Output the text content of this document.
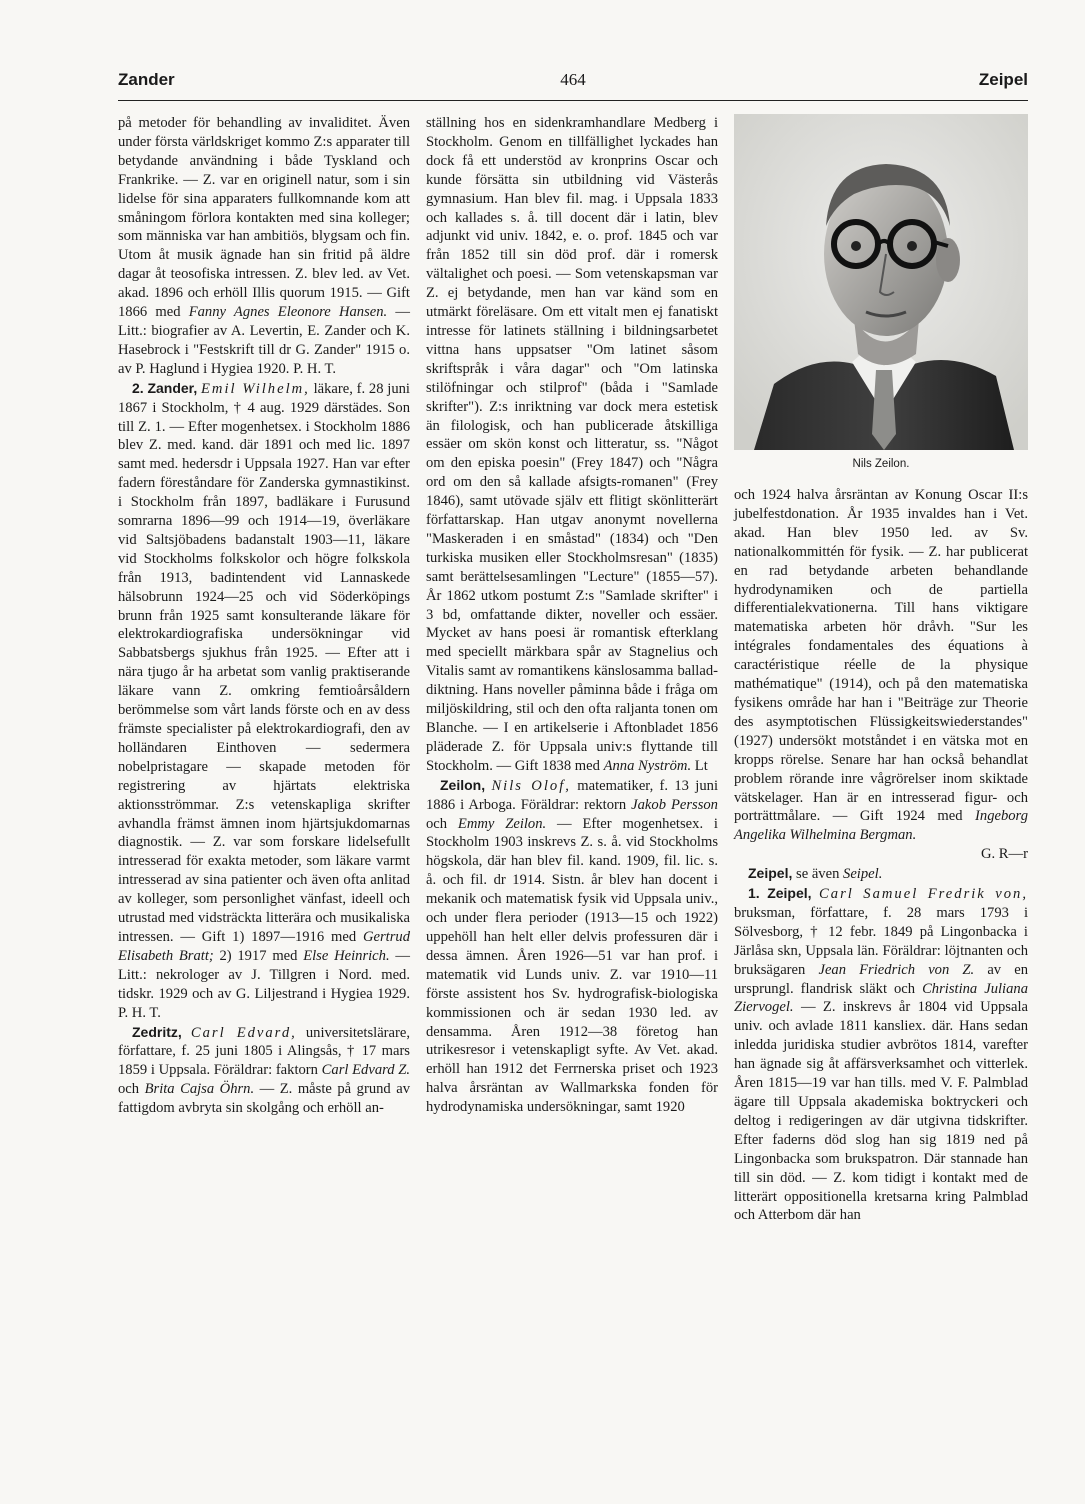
Zander	464	Zeipel

på metoder för behandling av invaliditet. Även under första världskriget kommo Z:s apparater till betydande användning i både Tyskland och Frankrike. — Z. var en originell natur, som i sin lidelse för sina apparaters fullkomnande kom att småningom förlora kontakten med sina kolleger; som människa var han ambitiös, blygsam och fin. Utom åt musik ägnade han sin fritid på äldre dagar åt teosofiska intressen. Z. blev led. av Vet. akad. 1896 och erhöll Illis quorum 1915. — Gift 1866 med Fanny Agnes Eleonore Hansen. — Litt.: biografier av A. Levertin, E. Zander och K. Hasebrock i "Festskrift till dr G. Zander" 1915 o. av P. Haglund i Hygiea 1920. P. H. T.

2. Zander, Emil Wilhelm, läkare, f. 28 juni 1867 i Stockholm, † 4 aug. 1929 därstädes. Son till Z. 1. — Efter mogenhetsex. i Stockholm 1886 blev Z. med. kand. där 1891 och med lic. 1897 samt med. hedersdr i Uppsala 1927. Han var efter fadern föreståndare för Zanderska gymnastikinst. i Stockholm från 1897, badläkare i Furusund somrarna 1896—99 och 1914—19, överläkare vid Saltsjöbadens badanstalt 1903—11, läkare vid Stockholms folkskolor och högre folkskola från 1913, badintendent vid Lannaskede hälsobrunn 1924—25 och vid Söderköpings brunn från 1925 samt konsulterande läkare för elektrokardiografiska undersökningar vid Sabbatsbergs sjukhus från 1925. — Efter att i nära tjugo år ha arbetat som vanlig praktiserande läkare vann Z. omkring femtioårsåldern berömmelse som vårt lands förste och en av dess främste specialister på elektrokardiografi, den av holländaren Einthoven — sedermera nobelpristagare — skapade metoden för registrering av hjärtats elektriska aktionsströmmar. Z:s vetenskapliga skrifter avhandla främst ämnen inom hjärtsjukdomarnas diagnostik. — Z. var som forskare lidelsefullt intresserad för exakta metoder, som läkare varmt intresserad av sina patienter och även ofta anlitad av kolleger, som personlighet vänfast, ideell och utrustad med vidsträckta litterära och musikaliska intressen. — Gift 1) 1897—1916 med Gertrud Elisabeth Bratt; 2) 1917 med Else Heinrich. — Litt.: nekrologer av J. Tillgren i Nord. med. tidskr. 1929 och av G. Liljestrand i Hygiea 1929. P. H. T.

Zedritz, Carl Edvard, universitetslärare, författare, f. 25 juni 1805 i Alingsås, † 17 mars 1859 i Uppsala. Föräldrar: faktorn Carl Edvard Z. och Brita Cajsa Öhrn. — Z. måste på grund av fattigdom avbryta sin skolgång och erhöll an-

ställning hos en sidenkramhandlare Medberg i Stockholm. Genom en tillfällighet lyckades han dock få ett understöd av kronprins Oscar och kunde försätta sin utbildning vid Västerås gymnasium. Han blev fil. mag. i Uppsala 1833 och kallades s. å. till docent där i latin, blev adjunkt vid univ. 1842, e. o. prof. 1845 och var från 1852 till sin död prof. där i romersk vältalighet och poesi. — Som vetenskapsman var Z. ej betydande, men han var känd som en utmärkt föreläsare. Om ett vitalt men ej fanatiskt intresse för latinets ställning i bildningsarbetet vittna hans uppsatser "Om latinet såsom skriftspråk i våra dagar" och "Om latinska stilöfningar och stilprof" (båda i "Samlade skrifter"). Z:s inriktning var dock mera estetisk än filologisk, och han publicerade åtskilliga essäer om skön konst och litteratur, ss. "Något om den episka poesin" (Frey 1847) och "Några ord om den så kallade afsigts-romanen" (Frey 1846), samt utövade själv ett flitigt skönlitterärt författarskap. Han utgav anonymt novellerna "Maskeraden i en småstad" (1834) och "Den turkiska musiken eller Stockholmsresan" (1835) samt berättelsesamlingen "Lecture" (1855—57). År 1862 utkom postumt Z:s "Samlade skrifter" i 3 bd, omfattande dikter, noveller och essäer. Mycket av hans poesi är romantisk efterklang med speciellt märkbara spår av Stagnelius och Vitalis samt av romantikens känslosamma ballad-diktning. Hans noveller påminna både i fråga om miljöskildring, stil och den ofta raljanta tonen om Blanche. — I en artikelserie i Aftonbladet 1856 pläderade Z. för Uppsala univ:s flyttande till Stockholm. — Gift 1838 med Anna Nyström. Lt

Zeilon, Nils Olof, matematiker, f. 13 juni 1886 i Arboga. Föräldrar: rektorn Jakob Persson och Emmy Zeilon. — Efter mogenhetsex. i Stockholm 1903 inskrevs Z. s. å. vid Stockholms högskola, där han blev fil. kand. 1909, fil. lic. s. å. och fil. dr 1914. Sistn. år blev han docent i mekanik och matematisk fysik vid Uppsala univ., och under flera perioder (1913—15 och 1922) uppehöll han helt eller delvis professuren där i dessa ämnen. Åren 1926—51 var han prof. i matematik vid Lunds univ. Z. var 1910—11 förste assistent hos Sv. hydrografisk-biologiska kommissionen och är sedan 1930 led. av densamma. Åren 1912—38 företog han utrikesresor i vetenskapligt syfte. Av Vet. akad. erhöll han 1912 det Ferrnerska priset och 1923 halva årsräntan av Wallmarkska fonden för hydrodynamiska undersökningar, samt 1920

Nils Zeilon.

och 1924 halva årsräntan av Konung Oscar II:s jubelfestdonation. År 1935 invaldes han i Vet. akad. Han blev 1950 led. av Sv. nationalkommittén för fysik. — Z. har publicerat en rad betydande arbeten behandlande hydrodynamiken och de partiella differentialekvationerna. Till hans viktigare matematiska arbeten hör dråvh. "Sur les intégrales fondamentales des équations à caractéristique réelle de la physique mathématique" (1914), och på den matematiska fysikens område har han i "Beiträge zur Theorie des asymptotischen Flüssigkeitswiederstandes" (1927) undersökt motståndet i en vätska mot en kropps rörelse. Senare har han också behandlat problem rörande inre vågrörelser inom skiktade vätskelager. Han är en intresserad figur- och porträttmålare. — Gift 1924 med Ingeborg Angelika Wilhelmina Bergman.

G. R—r

Zeipel, se även Seipel.

1. Zeipel, Carl Samuel Fredrik von, bruksman, författare, f. 28 mars 1793 i Sölvesborg, † 12 febr. 1849 på Lingonbacka i Järlåsa skn, Uppsala län. Föräldrar: löjtnanten och bruksägaren Jean Friedrich von Z. av en ursprungl. flandrisk släkt och Christina Juliana Ziervogel. — Z. inskrevs år 1804 vid Uppsala univ. och avlade 1811 kansliex. där. Hans sedan inledda juridiska studier avbrötos 1814, varefter han ägnade sig åt affärsverksamhet och vitterlek. Åren 1815—19 var han tills. med V. F. Palmblad ägare till Uppsala akademiska boktryckeri och deltog i redigeringen av där utgivna tidskrifter. Efter faderns död slog han sig 1819 ned på Lingonbacka som brukspatron. Där stannade han till sin död. — Z. kom tidigt i kontakt med de litterärt oppositionella kretsarna kring Palmblad och Atterbom där han
